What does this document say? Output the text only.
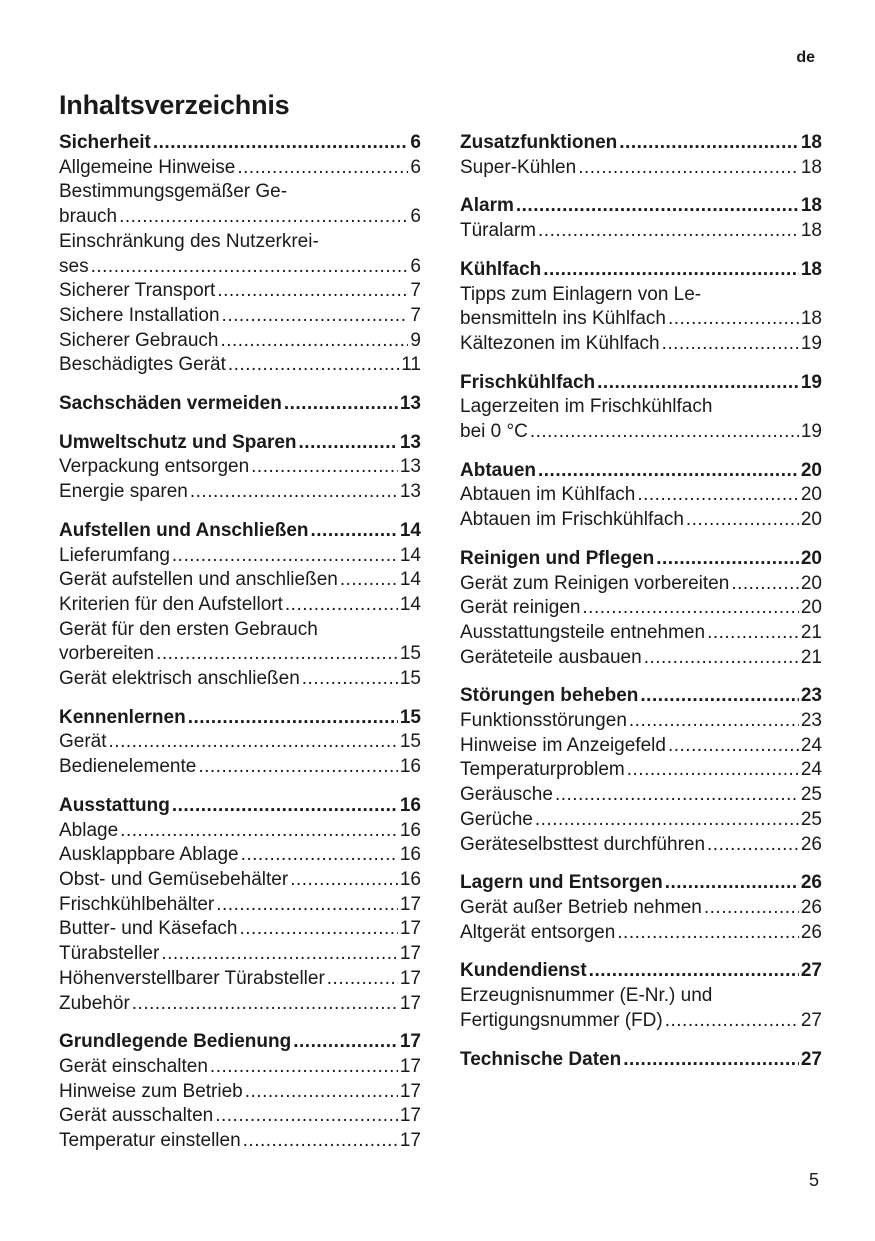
de
Inhaltsverzeichnis
Sicherheit .....	6
Allgemeine Hinweise .....	6
Bestimmungsgemäßer Ge-
brauch .....	6
Einschränkung des Nutzerkrei-
ses .....	6
Sicherer Transport .....	7
Sichere Installation .....	7
Sicherer Gebrauch .....	9
Beschädigtes Gerät .....	11
Sachschäden vermeiden .....	13
Umweltschutz und Sparen .....	13
Verpackung entsorgen .....	13
Energie sparen .....	13
Aufstellen und Anschließen .....	14
Lieferumfang .....	14
Gerät aufstellen und anschließen .....	14
Kriterien für den Aufstellort .....	14
Gerät für den ersten Gebrauch
vorbereiten .....	15
Gerät elektrisch anschließen .....	15
Kennenlernen .....	15
Gerät .....	15
Bedienelemente .....	16
Ausstattung .....	16
Ablage .....	16
Ausklappbare Ablage .....	16
Obst- und Gemüsebehälter .....	16
Frischkühlbehälter .....	17
Butter- und Käsefach .....	17
Türabsteller .....	17
Höhenverstellbarer Türabsteller .....	17
Zubehör .....	17
Grundlegende Bedienung .....	17
Gerät einschalten .....	17
Hinweise zum Betrieb .....	17
Gerät ausschalten .....	17
Temperatur einstellen .....	17
Zusatzfunktionen .....	18
Super-Kühlen .....	18
Alarm .....	18
Türalarm .....	18
Kühlfach .....	18
Tipps zum Einlagern von Le-
bensmitteln ins Kühlfach .....	18
Kältezonen im Kühlfach .....	19
Frischkühlfach .....	19
Lagerzeiten im Frischkühlfach
bei 0 °C .....	19
Abtauen .....	20
Abtauen im Kühlfach .....	20
Abtauen im Frischkühlfach .....	20
Reinigen und Pflegen .....	20
Gerät zum Reinigen vorbereiten .....	20
Gerät reinigen .....	20
Ausstattungsteile entnehmen .....	21
Geräteteile ausbauen .....	21
Störungen beheben .....	23
Funktionsstörungen .....	23
Hinweise im Anzeigefeld .....	24
Temperaturproblem .....	24
Geräusche .....	25
Gerüche .....	25
Geräteselbsttest durchführen .....	26
Lagern und Entsorgen .....	26
Gerät außer Betrieb nehmen .....	26
Altgerät entsorgen .....	26
Kundendienst .....	27
Erzeugnisnummer (E-Nr.) und
Fertigungsnummer (FD) .....	27
Technische Daten .....	27
5
